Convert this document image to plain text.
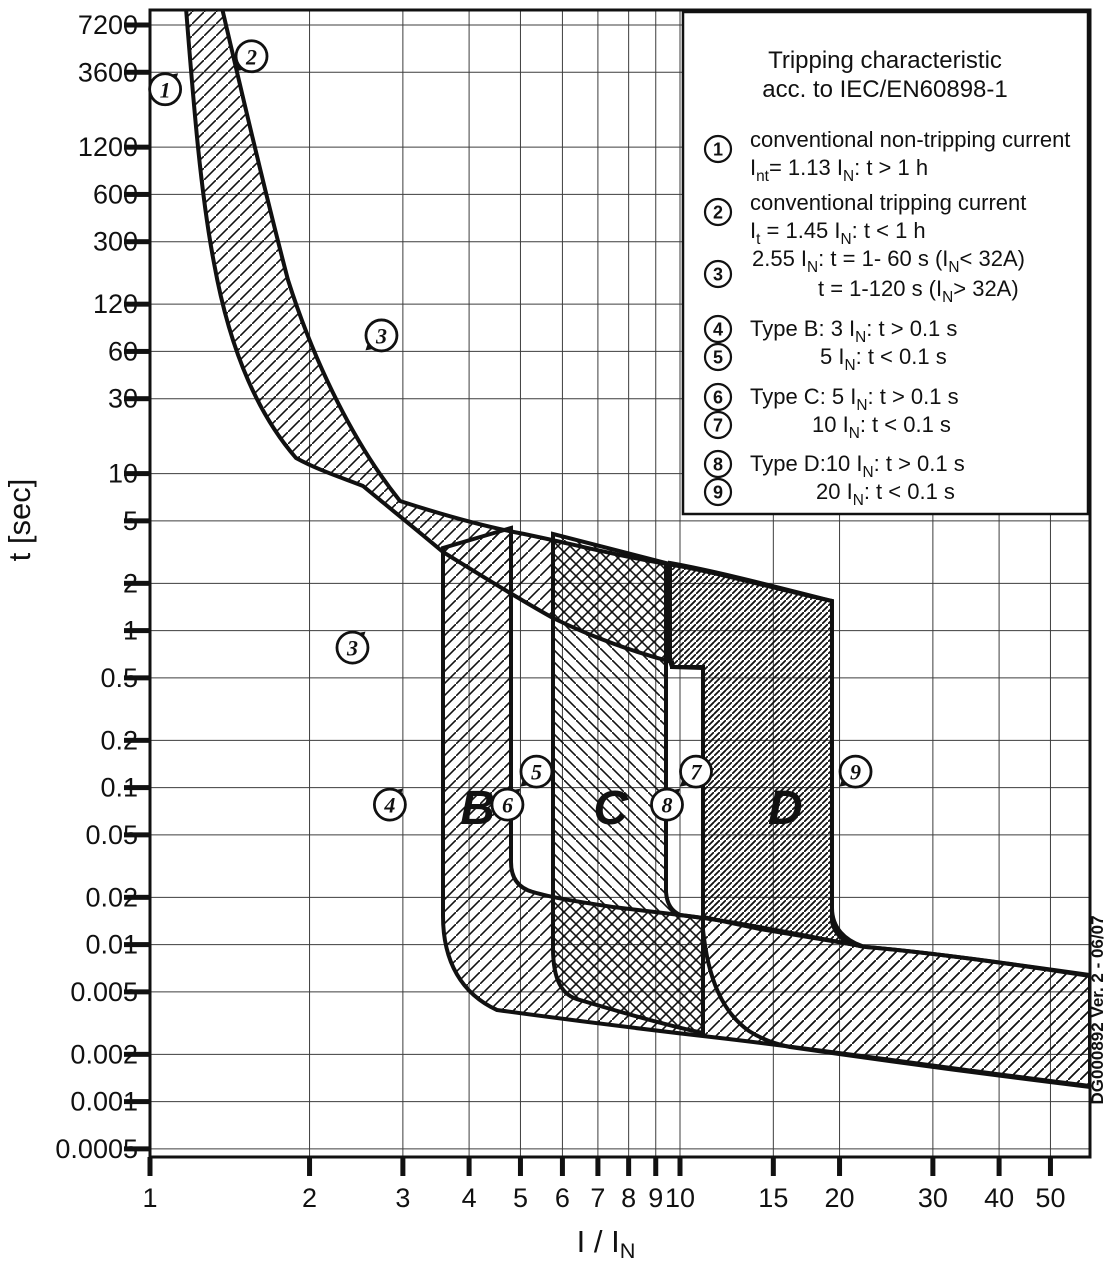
1	2	3 4 5 6 7 8 9 10 15 20 30 40 50
7200
3600
1200
600
300
120
60
30
10
5
2
1
0.5
0.2
0.1
0.05
0.02
0.01
0.005
0.002
0.001
0.0005
Tripping characteristic
acc. to IEC/EN60898-1
1 conventional non-tripping current
$I_{nt}= 1.13$ $I_N$: t > 1 h
2 conventional tripping current
$I_t = 1.45$ $I_N$: t < 1 h
3
2.55 $I_N$: t = 1- 60 s $(I_N< 32A)$
t = 1-120 s $(I_N> 32A)$
4 Type B: 3 $I_N$: t > 0.1 s
5	5 $I_N$: t < 0.1 s
6 Type C: 5 $I_N$: t > 0.1 s
7	10 $I_N$: t < 0.1 s
8 Type D:10 $I_N$: t > 0.1 s
9	20 $I_N$: t < 0.1 s
1
2
3
3
4
5
6
7
8
9
B C	D
t [sec]
I / IN
DG000892 Ver. 2 - 06/07
